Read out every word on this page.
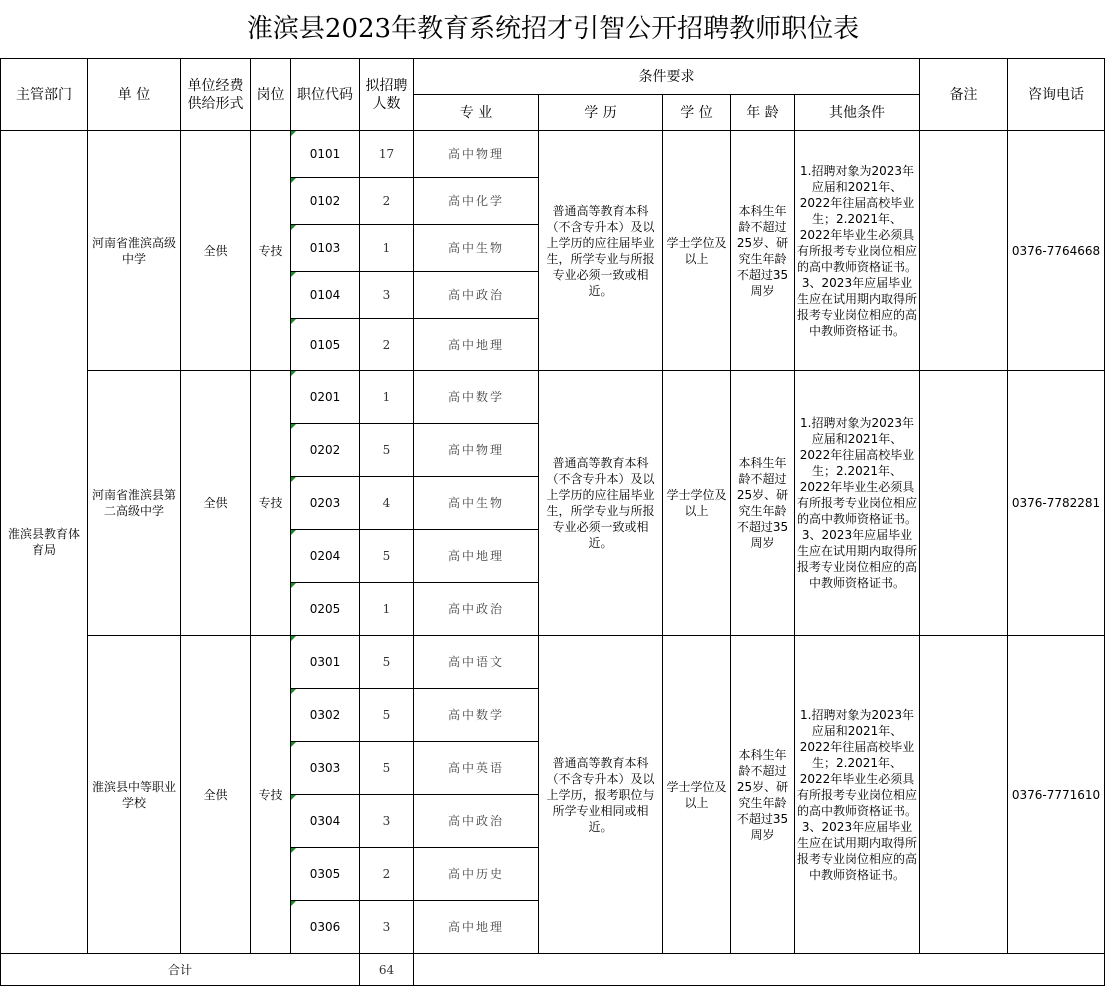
淮滨县2023年教育系统招才引智公开招聘教师职位表
主管部门	单 位	单位经费供给形式	岗位	职位代码	拟招聘人数	条件要求					备注	咨询电话
						专 业	学 历	学 位	年 龄	其他条件		
淮滨县教育体育局	河南省淮滨高级中学	全供	专技	0101	17	高中物理	普通高等教育本科（不含专升本）及以上学历的应往届毕业生，所学专业与所报专业必须一致或相近。	学士学位及以上	本科生年龄不超过25岁、研究生年龄不超过35周岁	1.招聘对象为2023年应届和2021年、2022年往届高校毕业生；2.2021年、2022年毕业生必须具有所报考专业岗位相应的高中教师资格证书。3、2023年应届毕业生应在试用期内取得所报考专业岗位相应的高中教师资格证书。		0376-7764668
				0102	2	高中化学						
				0103	1	高中生物						
				0104	3	高中政治						
				0105	2	高中地理						
	河南省淮滨县第二高级中学	全供	专技	0201	1	高中数学	普通高等教育本科（不含专升本）及以上学历的应往届毕业生，所学专业与所报专业必须一致或相近。	学士学位及以上	本科生年龄不超过25岁、研究生年龄不超过35周岁	1.招聘对象为2023年应届和2021年、2022年往届高校毕业生；2.2021年、2022年毕业生必须具有所报考专业岗位相应的高中教师资格证书。3、2023年应届毕业生应在试用期内取得所报考专业岗位相应的高中教师资格证书。		0376-7782281
				0202	5	高中物理						
				0203	4	高中生物						
				0204	5	高中地理						
				0205	1	高中政治						
	淮滨县中等职业学校	全供	专技	0301	5	高中语文	普通高等教育本科（不含专升本）及以上学历，报考职位与所学专业相同或相近。	学士学位及以上	本科生年龄不超过25岁、研究生年龄不超过35周岁	1.招聘对象为2023年应届和2021年、2022年往届高校毕业生；2.2021年、2022年毕业生必须具有所报考专业岗位相应的高中教师资格证书。3、2023年应届毕业生应在试用期内取得所报考专业岗位相应的高中教师资格证书。		0376-7771610
				0302	5	高中数学						
				0303	5	高中英语						
				0304	3	高中政治						
				0305	2	高中历史						
				0306	3	高中地理						
合计					64							
